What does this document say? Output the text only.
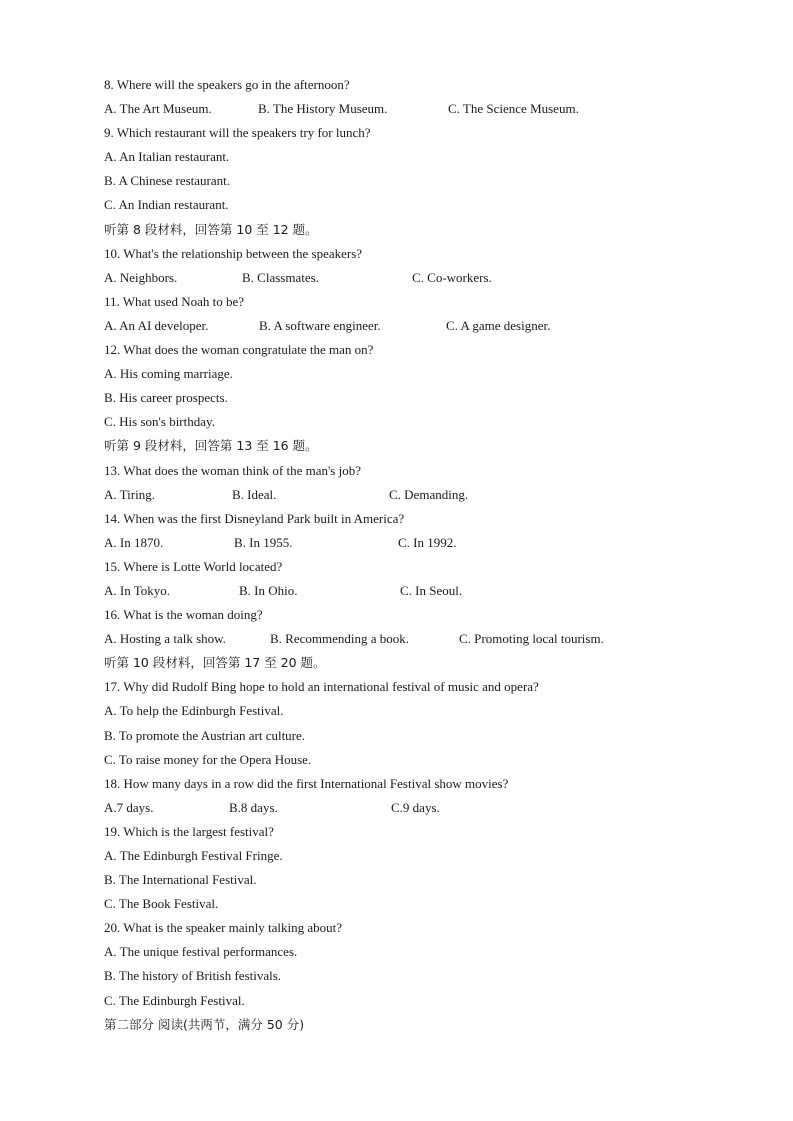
8. Where will the speakers go in the afternoon?
A. The Art Museum.	B. The History Museum.	C. The Science Museum.
9. Which restaurant will the speakers try for lunch?
A. An Italian restaurant.
B. A Chinese restaurant.
C. An Indian restaurant.
听第 8 段材料，回答第 10 至 12 题。
10. What's the relationship between the speakers?
A. Neighbors.	B. Classmates.	C. Co-workers.
11. What used Noah to be?
A. An AI developer.	B. A software engineer.	C. A game designer.
12. What does the woman congratulate the man on?
A. His coming marriage.
B. His career prospects.
C. His son's birthday.
听第 9 段材料，回答第 13 至 16 题。
13. What does the woman think of the man's job?
A. Tiring.	B. Ideal.	C. Demanding.
14. When was the first Disneyland Park built in America?
A. In 1870.	B. In 1955.	C. In 1992.
15. Where is Lotte World located?
A. In Tokyo.	B. In Ohio.	C. In Seoul.
16. What is the woman doing?
A. Hosting a talk show.	B. Recommending a book.	C. Promoting local tourism.
听第 10 段材料，回答第 17 至 20 题。
17. Why did Rudolf Bing hope to hold an international festival of music and opera?
A. To help the Edinburgh Festival.
B. To promote the Austrian art culture.
C. To raise money for the Opera House.
18. How many days in a row did the first International Festival show movies?
A.7 days.	B.8 days.	C.9 days.
19. Which is the largest festival?
A. The Edinburgh Festival Fringe.
B. The International Festival.
C. The Book Festival.
20. What is the speaker mainly talking about?
A. The unique festival performances.
B. The history of British festivals.
C. The Edinburgh Festival.
第二部分 阅读(共两节，满分 50 分)
